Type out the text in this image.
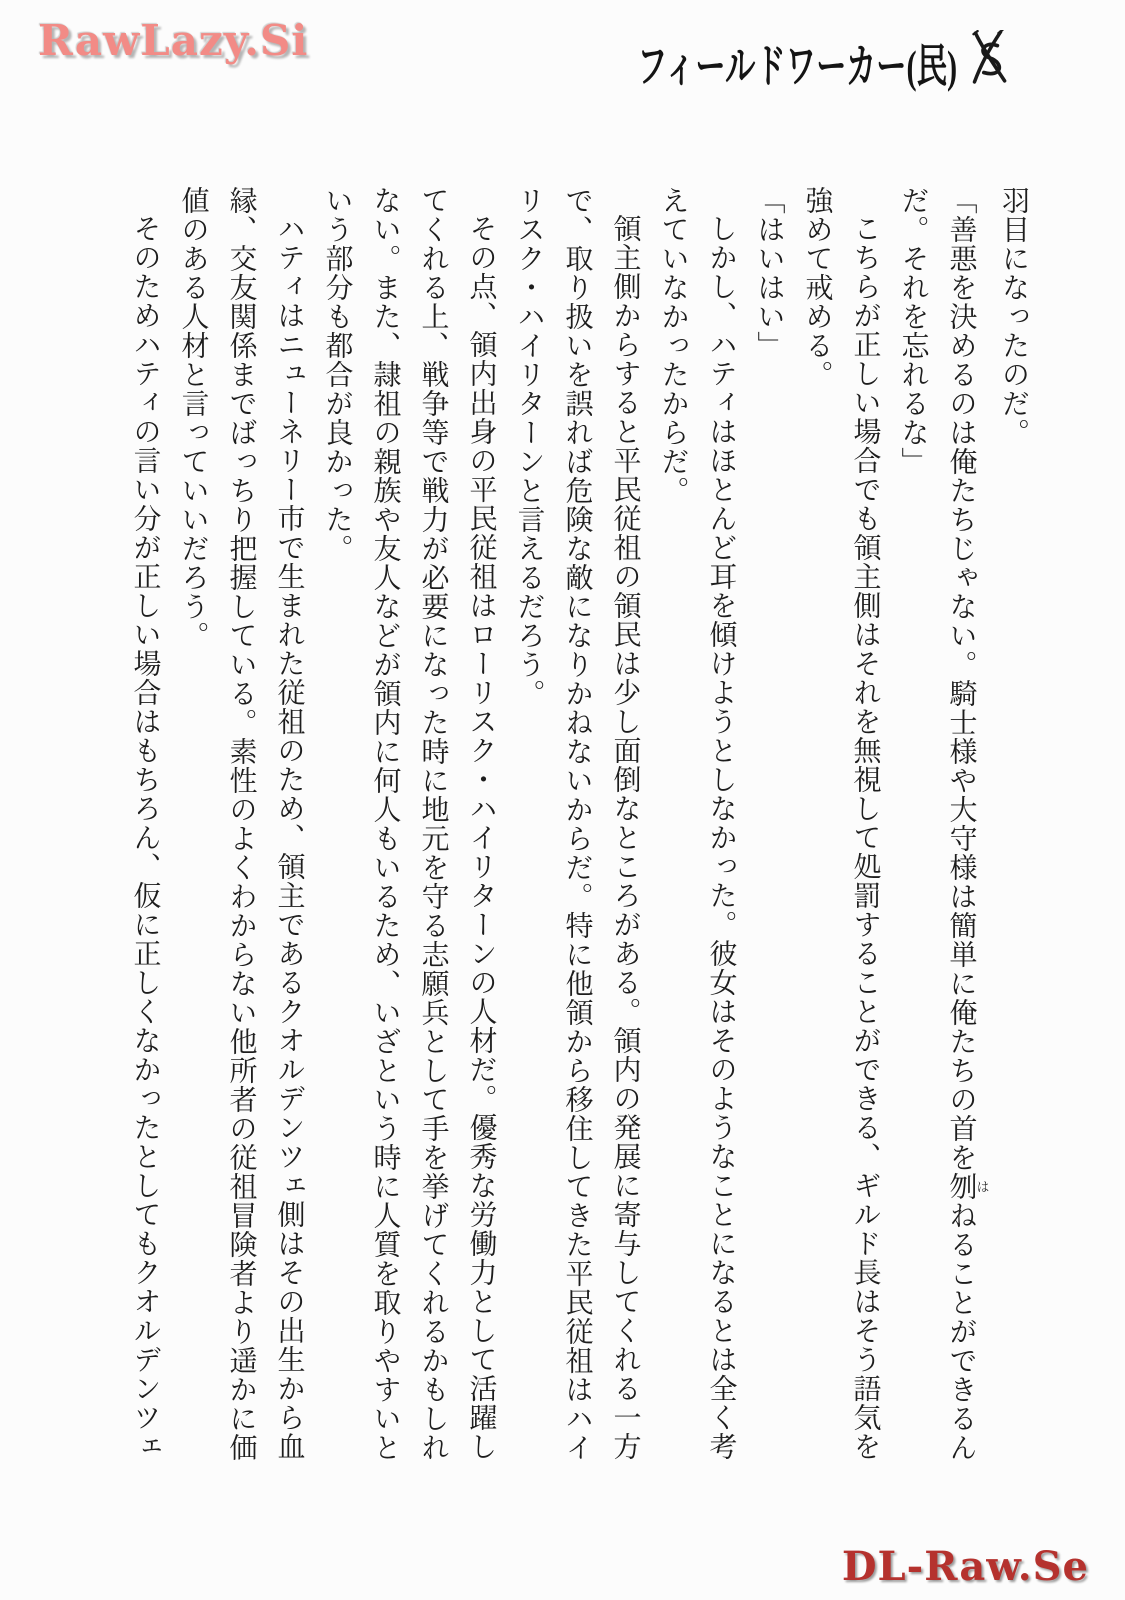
RawLazy.Si
フィールドワーカー(民)

羽目になったのだ。

「善悪を決めるのは俺たちじゃない。騎士様や大守様は簡単に俺たちの首を刎はねることができるんだ。それを忘れるな」

こちらが正しい場合でも領主側はそれを無視して処罰することができる、ギルド長はそう語気を強めて戒める。

「はいはい」

しかし、ハティはほとんど耳を傾けようとしなかった。彼女はそのようなことになるとは全く考えていなかったからだ。

領主側からすると平民従祖の領民は少し面倒なところがある。領内の発展に寄与してくれる一方で、取り扱いを誤れば危険な敵になりかねないからだ。特に他領から移住してきた平民従祖はハイリスク・ハイリターンと言えるだろう。

その点、領内出身の平民従祖はローリスク・ハイリターンの人材だ。優秀な労働力として活躍してくれる上、戦争等で戦力が必要になった時に地元を守る志願兵として手を挙げてくれるかもしれない。また、隷祖の親族や友人などが領内に何人もいるため、いざという時に人質を取りやすいという部分も都合が良かった。

ハティはニューネリー市で生まれた従祖のため、領主であるクオルデンツェ側はその出生から血縁、交友関係までばっちり把握している。素性のよくわからない他所者の従祖冒険者より遥かに価値のある人材と言っていいだろう。

そのためハティの言い分が正しい場合はもちろん、仮に正しくなかったとしてもクオルデンツェ

DL-Raw.Se
